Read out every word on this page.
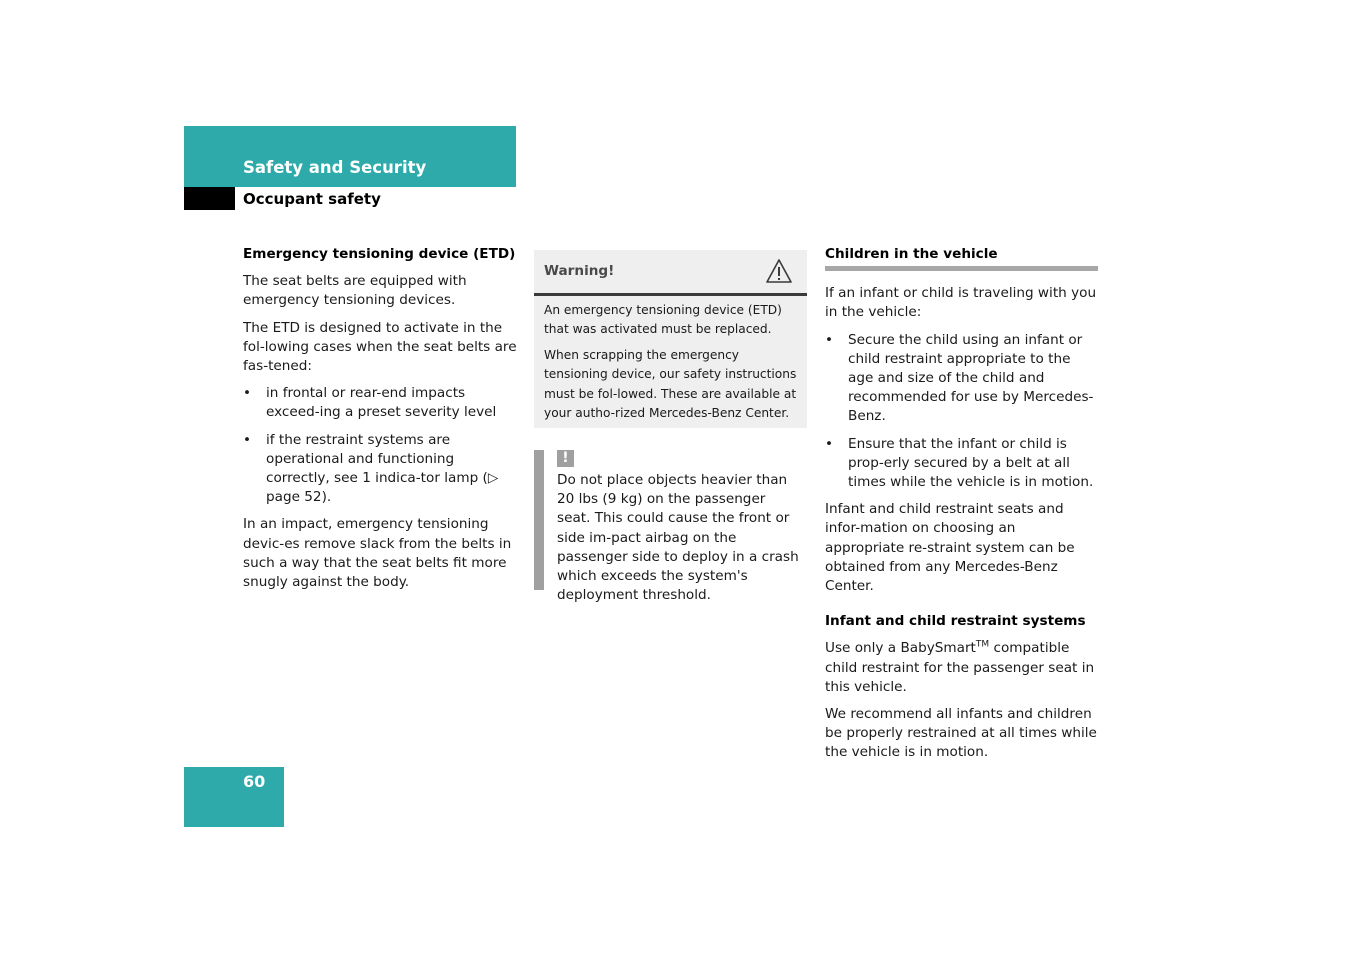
Safety and Security
Occupant safety
Emergency tensioning device (ETD)

The seat belts are equipped with emergency tensioning devices.

The ETD is designed to activate in the fol-lowing cases when the seat belts are fas-tened:

• in frontal or rear-end impacts exceed-ing a preset severity level
• if the restraint systems are operational and functioning correctly, see 1 indica-tor lamp (▷ page 52).

In an impact, emergency tensioning devic-es remove slack from the belts in such a way that the seat belts fit more snugly against the body.

Warning!

An emergency tensioning device (ETD) that was activated must be replaced.

When scrapping the emergency tensioning device, our safety instructions must be fol-lowed. These are available at your autho-rized Mercedes-Benz Center.

!
Do not place objects heavier than 20 lbs (9 kg) on the passenger seat. This could cause the front or side im-pact airbag on the passenger side to deploy in a crash which exceeds the system's deployment threshold.
Children in the vehicle

If an infant or child is traveling with you in the vehicle:

• Secure the child using an infant or child restraint appropriate to the age and size of the child and recommended for use by Mercedes-Benz.
• Ensure that the infant or child is prop-erly secured by a belt at all times while the vehicle is in motion.

Infant and child restraint seats and infor-mation on choosing an appropriate re-straint system can be obtained from any Mercedes-Benz Center.

Infant and child restraint systems

Use only a BabySmart™ compatible child restraint for the passenger seat in this vehicle.

We recommend all infants and children be properly restrained at all times while the vehicle is in motion.

60
